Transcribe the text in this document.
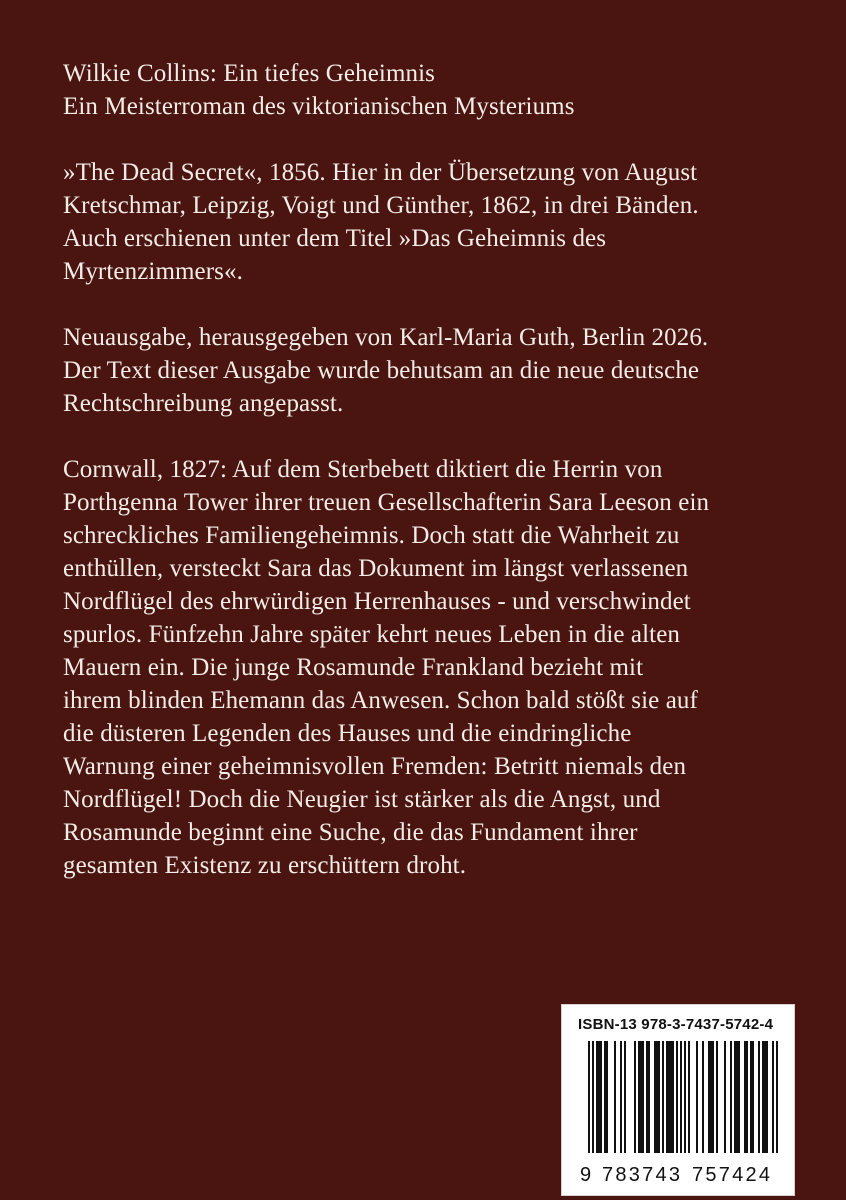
Wilkie Collins: Ein tiefes Geheimnis

Ein Meisterroman des viktorianischen Mysteriums

»The Dead Secret«, 1856. Hier in der Übersetzung von August

Kretschmar, Leipzig, Voigt und Günther, 1862, in drei Bänden.

Auch erschienen unter dem Titel »Das Geheimnis des

Myrtenzimmers«.

Neuausgabe, herausgegeben von Karl-Maria Guth, Berlin 2026.

Der Text dieser Ausgabe wurde behutsam an die neue deutsche

Rechtschreibung angepasst.

Cornwall, 1827: Auf dem Sterbebett diktiert die Herrin von

Porthgenna Tower ihrer treuen Gesellschafterin Sara Leeson ein

schreckliches Familiengeheimnis. Doch statt die Wahrheit zu

enthüllen, versteckt Sara das Dokument im längst verlassenen

Nordflügel des ehrwürdigen Herrenhauses - und verschwindet

spurlos. Fünfzehn Jahre später kehrt neues Leben in die alten

Mauern ein. Die junge Rosamunde Frankland bezieht mit

ihrem blinden Ehemann das Anwesen. Schon bald stößt sie auf

die düsteren Legenden des Hauses und die eindringliche

Warnung einer geheimnisvollen Fremden: Betritt niemals den

Nordflügel! Doch die Neugier ist stärker als die Angst, und

Rosamunde beginnt eine Suche, die das Fundament ihrer

gesamten Existenz zu erschüttern droht.

9 783743 757424
ISBN-13 978-3-7437-5742-4
